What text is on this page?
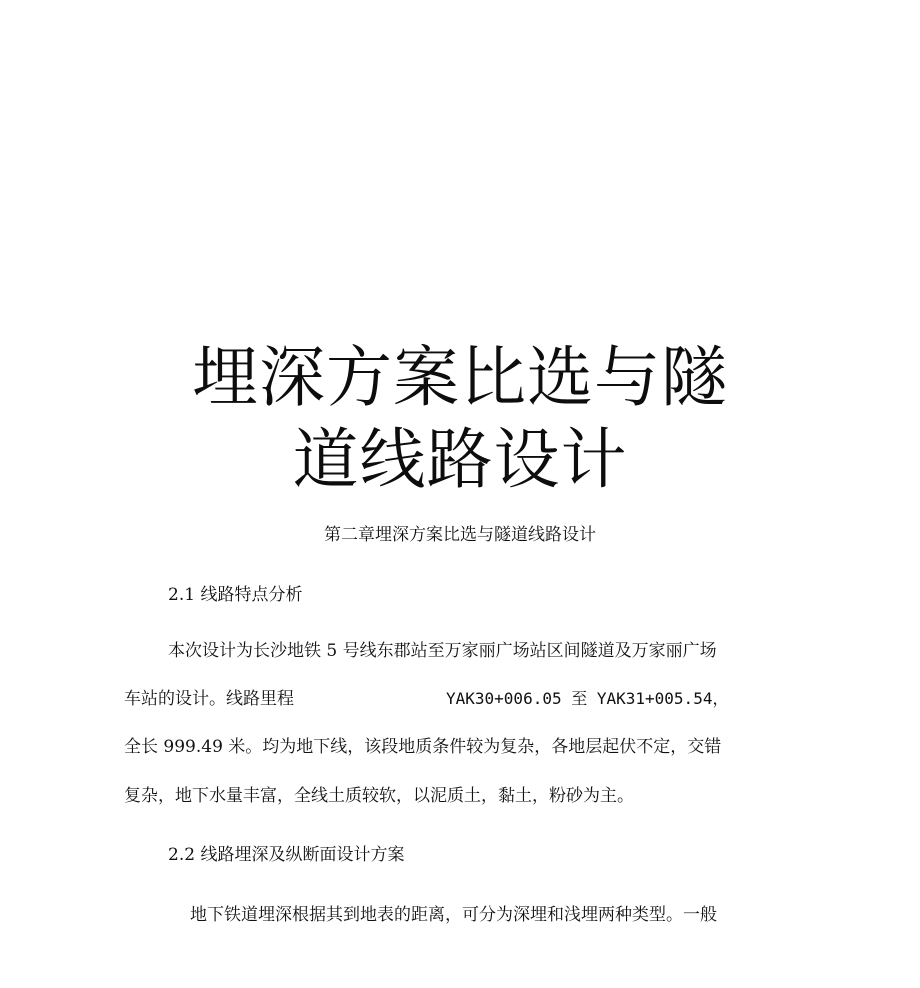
埋深方案比选与隧
道线路设计
第二章埋深方案比选与隧道线路设计
2.1 线路特点分析
本次设计为长沙地铁 5 号线东郡站至万家丽广场站区间隧道及万家丽广场
车站的设计。线路里程	YAK30+006.05 至 YAK31+005.54，
全长 999.49 米。均为地下线，该段地质条件较为复杂，各地层起伏不定，交错
复杂，地下水量丰富，全线土质较软，以泥质土，黏土，粉砂为主。
2.2 线路埋深及纵断面设计方案
地下铁道埋深根据其到地表的距离，可分为深埋和浅埋两种类型。一般
